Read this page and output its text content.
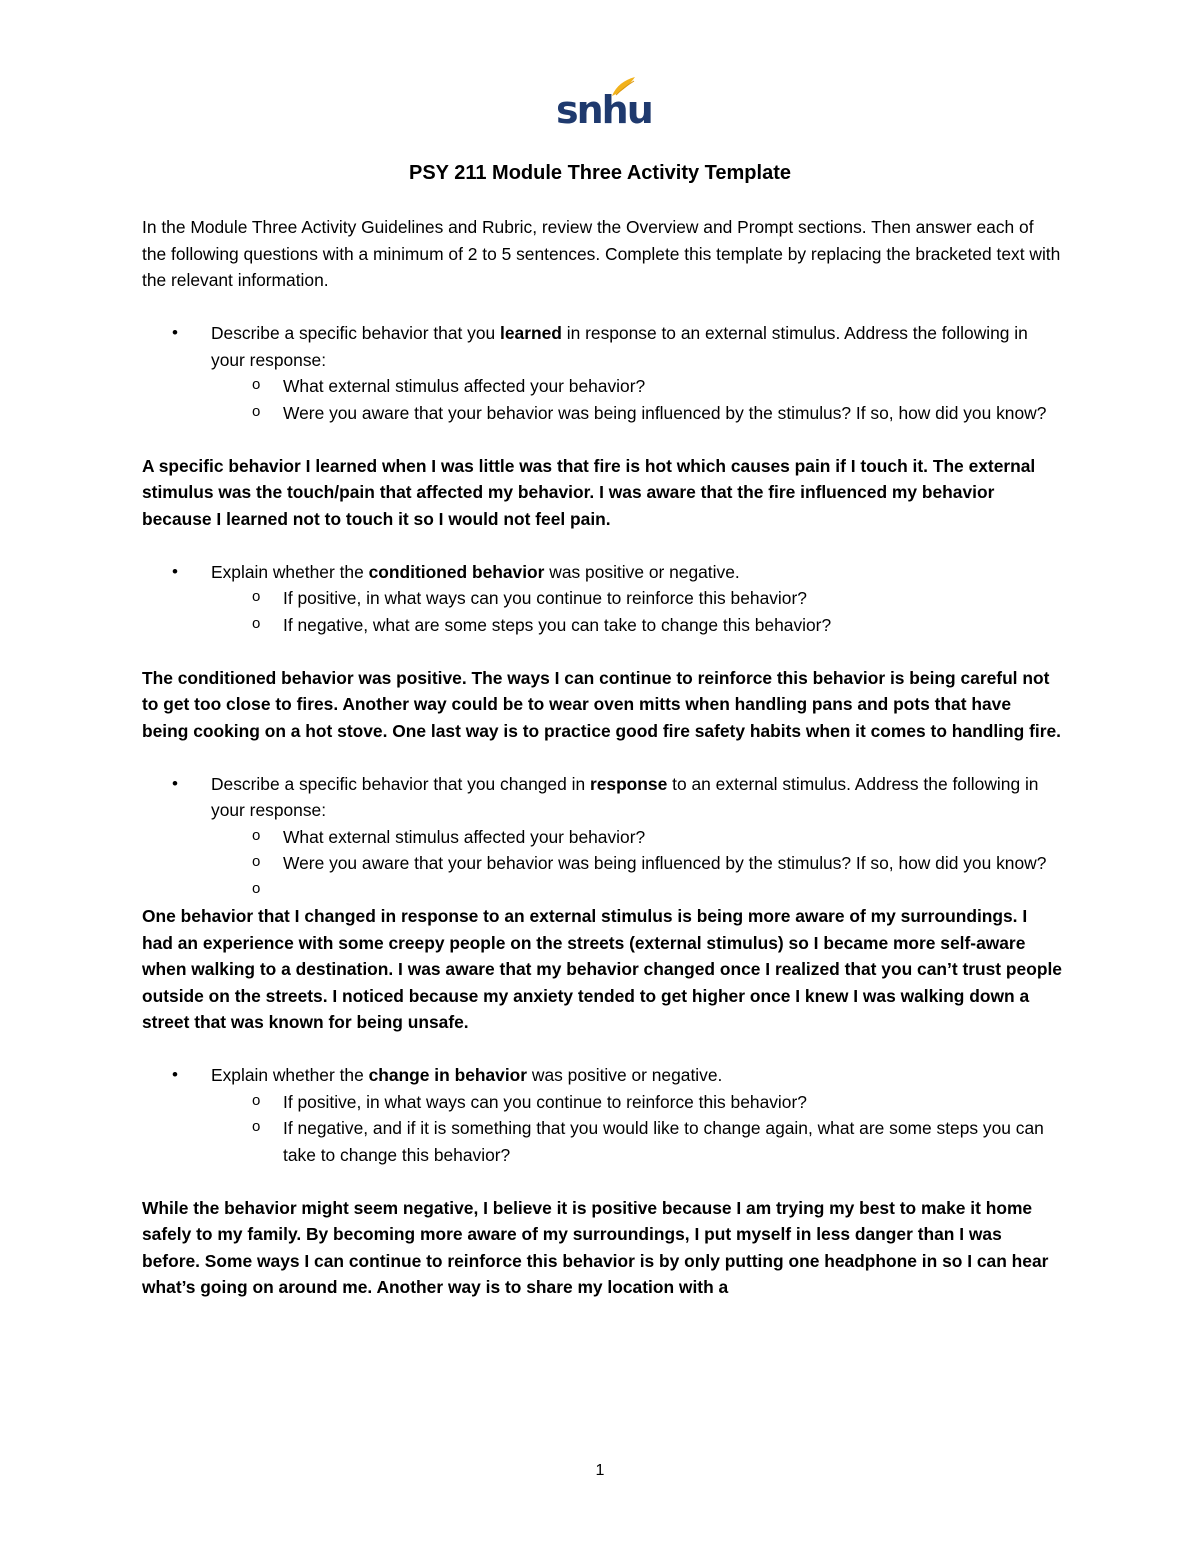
snhu
PSY 211 Module Three Activity Template

In the Module Three Activity Guidelines and Rubric, review the Overview and Prompt sections. Then answer each of the following questions with a minimum of 2 to 5 sentences. Complete this template by replacing the bracketed text with the relevant information.

• Describe a specific behavior that you learned in response to an external stimulus. Address the following in your response:
o What external stimulus affected your behavior?
o Were you aware that your behavior was being influenced by the stimulus? If so, how did you know?

A specific behavior I learned when I was little was that fire is hot which causes pain if I touch it. The external stimulus was the touch/pain that affected my behavior. I was aware that the fire influenced my behavior because I learned not to touch it so I would not feel pain.

• Explain whether the conditioned behavior was positive or negative.
o If positive, in what ways can you continue to reinforce this behavior?
o If negative, what are some steps you can take to change this behavior?

The conditioned behavior was positive. The ways I can continue to reinforce this behavior is being careful not to get too close to fires. Another way could be to wear oven mitts when handling pans and pots that have being cooking on a hot stove. One last way is to practice good fire safety habits when it comes to handling fire.

• Describe a specific behavior that you changed in response to an external stimulus. Address the following in your response:
o What external stimulus affected your behavior?
o Were you aware that your behavior was being influenced by the stimulus? If so, how did you know?
o

One behavior that I changed in response to an external stimulus is being more aware of my surroundings. I had an experience with some creepy people on the streets (external stimulus) so I became more self-aware when walking to a destination. I was aware that my behavior changed once I realized that you can’t trust people outside on the streets. I noticed because my anxiety tended to get higher once I knew I was walking down a street that was known for being unsafe.

• Explain whether the change in behavior was positive or negative.
o If positive, in what ways can you continue to reinforce this behavior?
o If negative, and if it is something that you would like to change again, what are some steps you can take to change this behavior?

While the behavior might seem negative, I believe it is positive because I am trying my best to make it home safely to my family. By becoming more aware of my surroundings, I put myself in less danger than I was before. Some ways I can continue to reinforce this behavior is by only putting one headphone in so I can hear what’s going on around me. Another way is to share my location with a

1
